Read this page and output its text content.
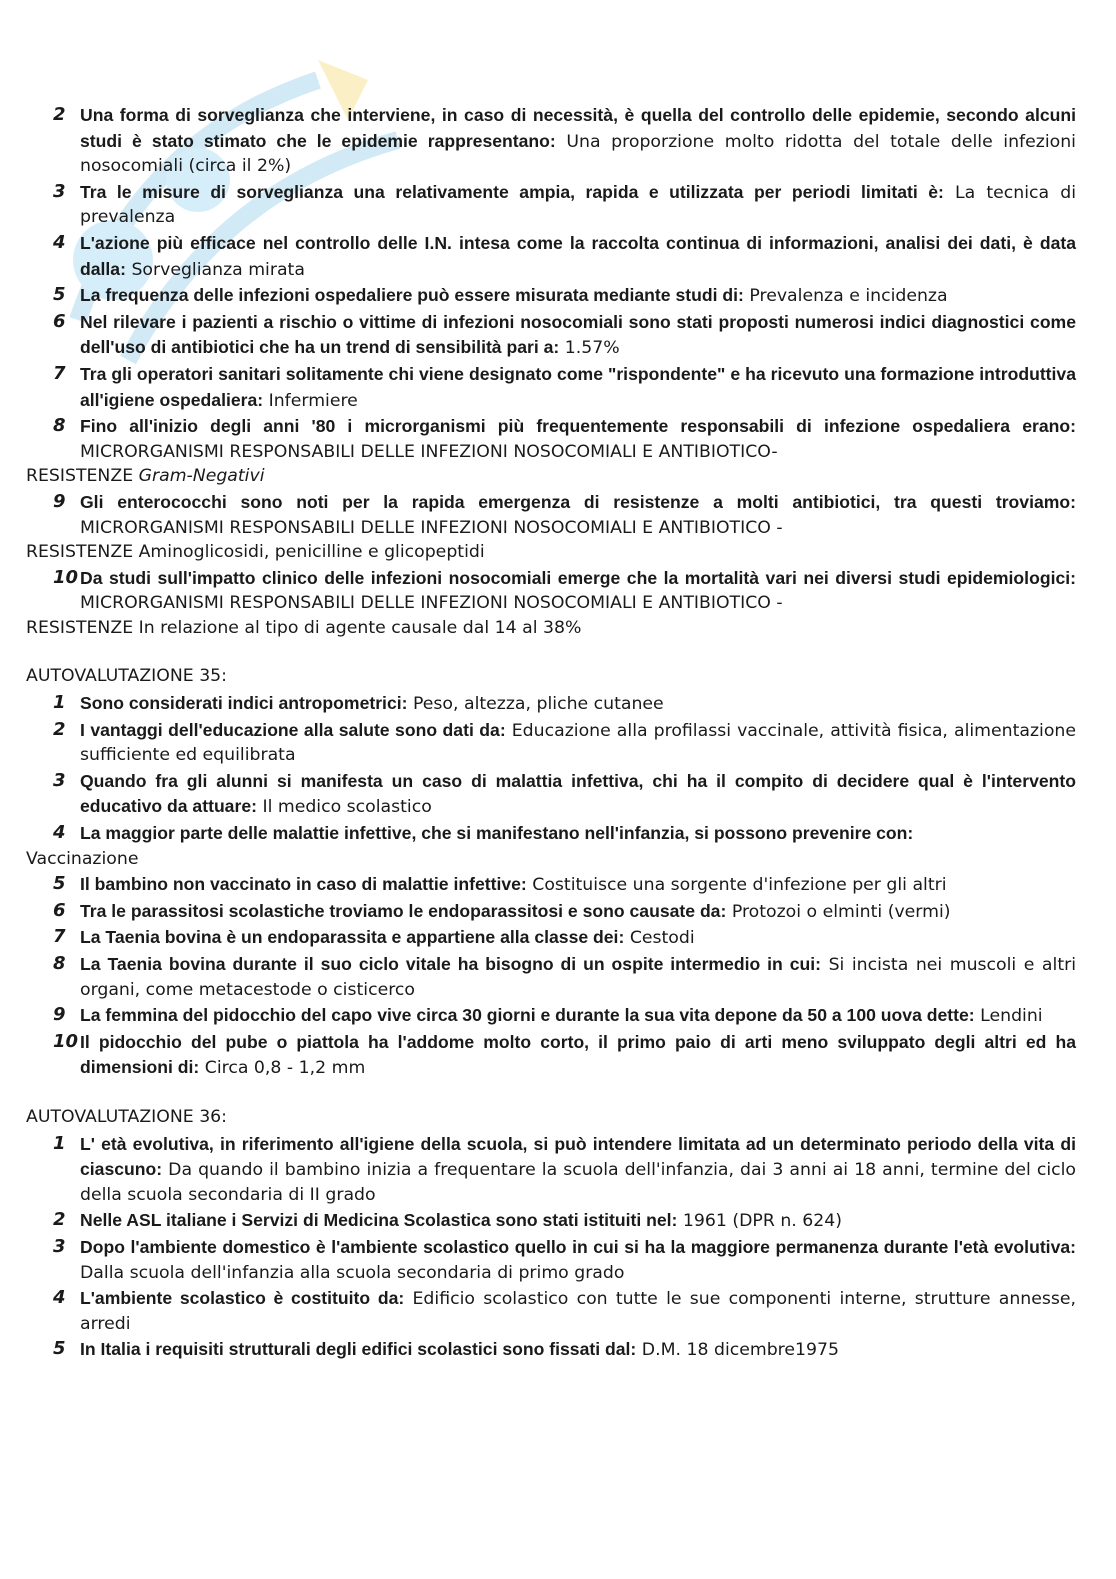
2 Una forma di sorveglianza che interviene, in caso di necessità, è quella del controllo delle epidemie, secondo alcuni studi è stato stimato che le epidemie rappresentano: Una proporzione molto ridotta del totale delle infezioni nosocomiali (circa il 2%)
3 Tra le misure di sorveglianza una relativamente ampia, rapida e utilizzata per periodi limitati è: La tecnica di prevalenza
4 L'azione più efficace nel controllo delle I.N. intesa come la raccolta continua di informazioni, analisi dei dati, è data dalla: Sorveglianza mirata
5 La frequenza delle infezioni ospedaliere può essere misurata mediante studi di: Prevalenza e incidenza
6 Nel rilevare i pazienti a rischio o vittime di infezioni nosocomiali sono stati proposti numerosi indici diagnostici come dell'uso di antibiotici che ha un trend di sensibilità pari a: 1.57%
7 Tra gli operatori sanitari solitamente chi viene designato come "rispondente" e ha ricevuto una formazione introduttiva all'igiene ospedaliera: Infermiere
8 Fino all'inizio degli anni '80 i microrganismi più frequentemente responsabili di infezione ospedaliera erano: MICRORGANISMI RESPONSABILI DELLE INFEZIONI NOSOCOMIALI E ANTIBIOTICO-
RESISTENZE Gram-Negativi
9 Gli enterococchi sono noti per la rapida emergenza di resistenze a molti antibiotici, tra questi troviamo: MICRORGANISMI RESPONSABILI DELLE INFEZIONI NOSOCOMIALI E ANTIBIOTICO -
RESISTENZE Aminoglicosidi, penicilline e glicopeptidi
10 Da studi sull'impatto clinico delle infezioni nosocomiali emerge che la mortalità vari nei diversi studi epidemiologici: MICRORGANISMI RESPONSABILI DELLE INFEZIONI NOSOCOMIALI E ANTIBIOTICO -
RESISTENZE In relazione al tipo di agente causale dal 14 al 38%
AUTOVALUTAZIONE 35:
1 Sono considerati indici antropometrici: Peso, altezza, pliche cutanee
2 I vantaggi dell'educazione alla salute sono dati da: Educazione alla profilassi vaccinale, attività fisica, alimentazione sufficiente ed equilibrata
3 Quando fra gli alunni si manifesta un caso di malattia infettiva, chi ha il compito di decidere qual è l'intervento educativo da attuare: Il medico scolastico
4 La maggior parte delle malattie infettive, che si manifestano nell'infanzia, si possono prevenire con:
Vaccinazione
5 Il bambino non vaccinato in caso di malattie infettive: Costituisce una sorgente d'infezione per gli altri
6 Tra le parassitosi scolastiche troviamo le endoparassitosi e sono causate da: Protozoi o elminti (vermi)
7 La Taenia bovina è un endoparassita e appartiene alla classe dei: Cestodi
8 La Taenia bovina durante il suo ciclo vitale ha bisogno di un ospite intermedio in cui: Si incista nei muscoli e altri organi, come metacestode o cisticerco
9 La femmina del pidocchio del capo vive circa 30 giorni e durante la sua vita depone da 50 a 100 uova dette: Lendini
10 Il pidocchio del pube o piattola ha l'addome molto corto, il primo paio di arti meno sviluppato degli altri ed ha dimensioni di: Circa 0,8 - 1,2 mm
AUTOVALUTAZIONE 36:
1 L' età evolutiva, in riferimento all'igiene della scuola, si può intendere limitata ad un determinato periodo della vita di ciascuno: Da quando il bambino inizia a frequentare la scuola dell'infanzia, dai 3 anni ai 18 anni, termine del ciclo della scuola secondaria di II grado
2 Nelle ASL italiane i Servizi di Medicina Scolastica sono stati istituiti nel: 1961 (DPR n. 624)
3 Dopo l'ambiente domestico è l'ambiente scolastico quello in cui si ha la maggiore permanenza durante l'età evolutiva: Dalla scuola dell'infanzia alla scuola secondaria di primo grado
4 L'ambiente scolastico è costituito da: Edificio scolastico con tutte le sue componenti interne, strutture annesse, arredi
5 In Italia i requisiti strutturali degli edifici scolastici sono fissati dal: D.M. 18 dicembre1975
